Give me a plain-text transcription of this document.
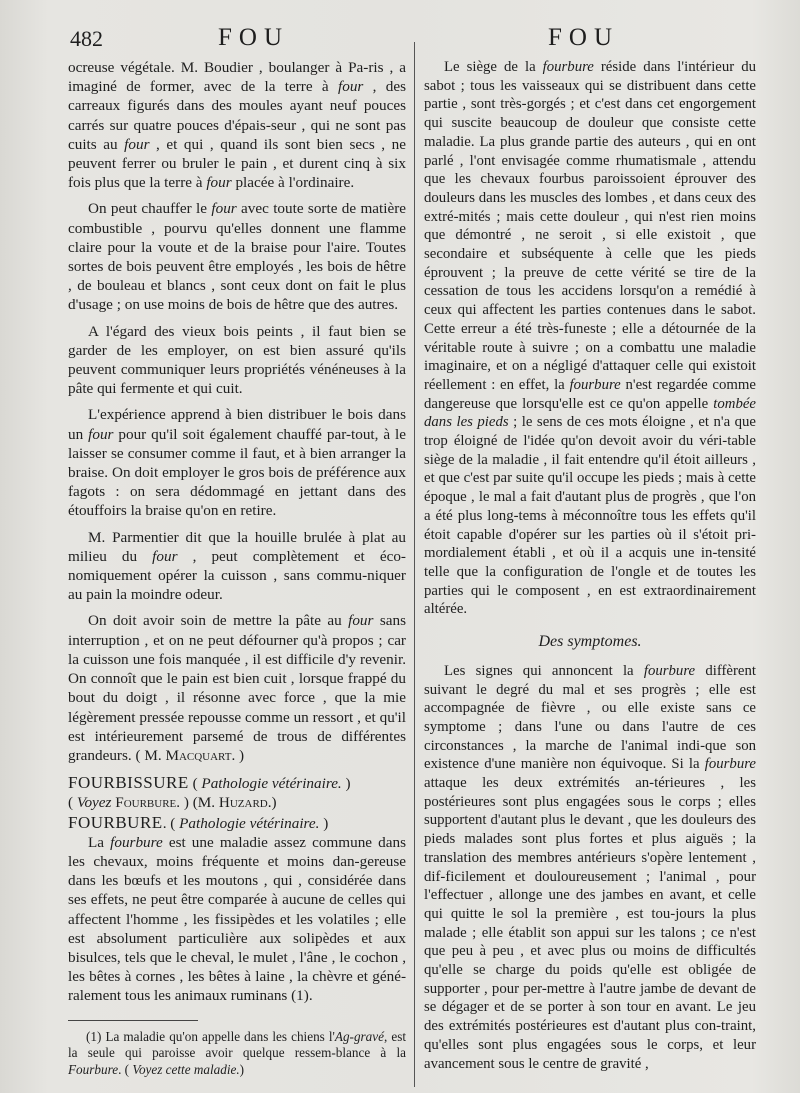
482	FOU	FOU

ocreuse végétale. M. Boudier , boulanger à Pa-ris , a imaginé de former, avec de la terre à four , des carreaux figurés dans des moules ayant neuf pouces carrés sur quatre pouces d'épais-seur , qui ne sont pas cuits au four , et qui , quand ils sont bien secs , ne peuvent ferrer ou bruler le pain , et durent cinq à six fois plus que la terre à four placée à l'ordinaire.

On peut chauffer le four avec toute sorte de matière combustible , pourvu qu'elles donnent une flamme claire pour la voute et de la braise pour l'aire. Toutes sortes de bois peuvent être employés , les bois de hêtre , de bouleau et blancs , sont ceux dont on fait le plus d'usage ; on use moins de bois de hêtre que des autres.

A l'égard des vieux bois peints , il faut bien se garder de les employer, on est bien assuré qu'ils peuvent communiquer leurs propriétés vénéneuses à la pâte qui fermente et qui cuit.

L'expérience apprend à bien distribuer le bois dans un four pour qu'il soit également chauffé par-tout, à le laisser se consumer comme il faut, et à bien arranger la braise. On doit employer le gros bois de préférence aux fagots : on sera dédommagé en jettant dans des étouffoirs la braise qu'on en retire.

M. Parmentier dit que la houille brulée à plat au milieu du four , peut complètement et éco-nomiquement opérer la cuisson , sans commu-niquer au pain la moindre odeur.

On doit avoir soin de mettre la pâte au four sans interruption , et on ne peut défourner qu'à propos ; car la cuisson une fois manquée , il est difficile d'y revenir. On connoît que le pain est bien cuit , lorsque frappé du bout du doigt , il résonne avec force , que la mie légèrement pressée repousse comme un ressort , et qu'il est intérieurement parsemé de trous de différentes grandeurs. ( M. Macquart. )

FOURBISSURE ( Pathologie vétérinaire. )
( Voyez Fourbure. ) (M. Huzard.)

FOURBURE. ( Pathologie vétérinaire. )

La fourbure est une maladie assez commune dans les chevaux, moins fréquente et moins dan-gereuse dans les bœufs et les moutons , qui , considérée dans ses effets, ne peut être comparée à aucune de celles qui affectent l'homme , les fissipèdes et les volatiles ; elle est absolument particulière aux solipèdes et aux bisulces, tels que le cheval, le mulet , l'âne , le cochon , les bêtes à cornes , les bêtes à laine , la chèvre et géné-ralement tous les animaux ruminans (1).

(1) La maladie qu'on appelle dans les chiens l'Ag-gravé, est la seule qui paroisse avoir quelque ressem-blance à la Fourbure. ( Voyez cette maladie.)

Le siège de la fourbure réside dans l'intérieur du sabot ; tous les vaisseaux qui se distribuent dans cette partie , sont très-gorgés ; et c'est dans cet engorgement qui suscite beaucoup de douleur que consiste cette maladie. La plus grande partie des auteurs , qui en ont parlé , l'ont envisagée comme rhumatismale , attendu que les chevaux fourbus paroissoient éprouver des douleurs dans les muscles des lombes , et dans ceux des extré-mités ; mais cette douleur , qui n'est rien moins que démontré , ne seroit , si elle existoit , que secondaire et subséquente à celle que les pieds éprouvent ; la preuve de cette vérité se tire de la cessation de tous les accidens lorsqu'on a remédié à ceux qui affectent les parties contenues dans le sabot. Cette erreur a été très-funeste ; elle a détournée de la véritable route à suivre ; on a combattu une maladie imaginaire, et on a négligé d'attaquer celle qui existoit réellement : en effet, la fourbure n'est regardée comme dangereuse que lorsqu'elle est ce qu'on appelle tombée dans les pieds ; le sens de ces mots éloigne , et n'a que trop éloigné de l'idée qu'on devoit avoir du véri-table siège de la maladie , il fait entendre qu'il étoit ailleurs , et que c'est par suite qu'il occupe les pieds ; mais à cette époque , le mal a fait d'autant plus de progrès , que l'on a été plus long-tems à méconnoître tous les effets qu'il étoit capable d'opérer sur les parties où il s'étoit pri-mordialement établi , et où il a acquis une in-tensité telle que la configuration de l'ongle et de toutes les parties qui le composent , en est extraordinairement altérée.

Des symptomes.

Les signes qui annoncent la fourbure diffèrent suivant le degré du mal et ses progrès ; elle est accompagnée de fièvre , ou elle existe sans ce symptome ; dans l'une ou dans l'autre de ces circonstances , la marche de l'animal indi-que son existence d'une manière non équivoque. Si la fourbure attaque les deux extrémités an-térieures , les postérieures sont plus engagées sous le corps ; elles supportent d'autant plus le devant , que les douleurs des pieds malades sont plus fortes et plus aiguës ; la translation des membres antérieurs s'opère lentement , dif-ficilement et douloureusement ; l'animal , pour l'effectuer , allonge une des jambes en avant, et celle qui quitte le sol la première , est tou-jours la plus malade ; elle établit son appui sur les talons ; ce n'est que peu à peu , et avec plus ou moins de difficultés qu'elle se charge du poids qu'elle est obligée de supporter , pour per-mettre à l'autre jambe de devant de se dégager et de se porter à son tour en avant. Le jeu des extrémités postérieures est d'autant plus con-traint, qu'elles sont plus engagées sous le corps, et leur avancement sous le centre de gravité ,
